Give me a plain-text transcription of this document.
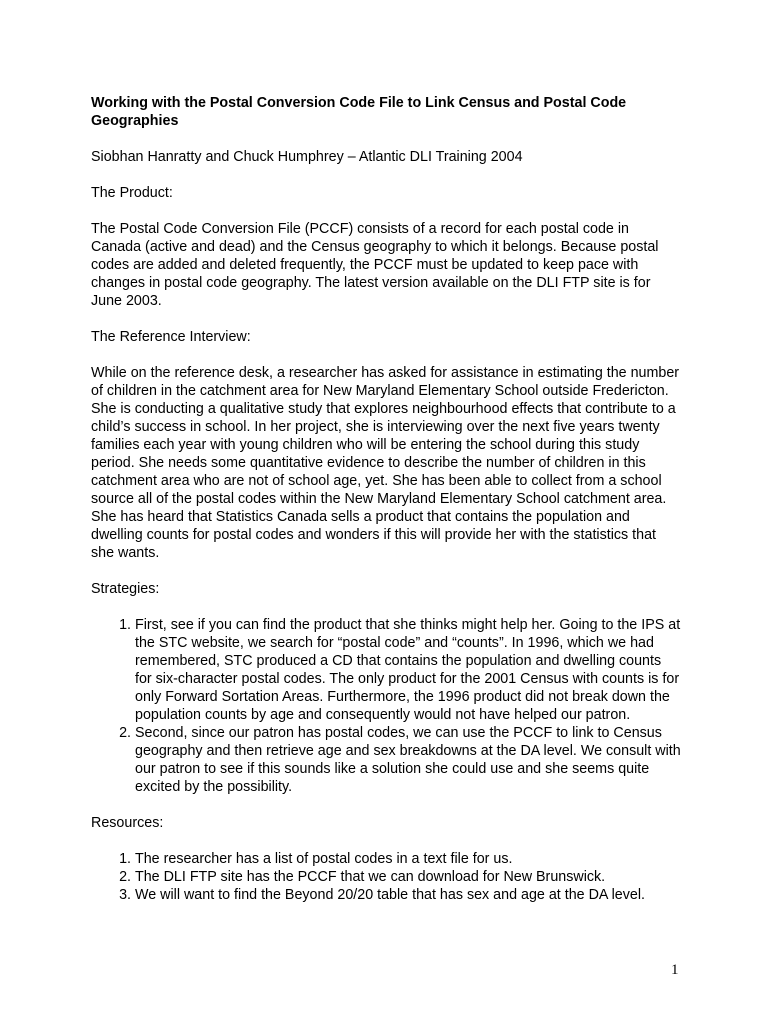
Working with the Postal Conversion Code File to Link Census and Postal Code Geographies

Siobhan Hanratty and Chuck Humphrey – Atlantic DLI Training 2004

The Product:

The Postal Code Conversion File (PCCF) consists of a record for each postal code in Canada (active and dead) and the Census geography to which it belongs. Because postal codes are added and deleted frequently, the PCCF must be updated to keep pace with changes in postal code geography. The latest version available on the DLI FTP site is for June 2003.

The Reference Interview:

While on the reference desk, a researcher has asked for assistance in estimating the number of children in the catchment area for New Maryland Elementary School outside Fredericton. She is conducting a qualitative study that explores neighbourhood effects that contribute to a child’s success in school. In her project, she is interviewing over the next five years twenty families each year with young children who will be entering the school during this study period. She needs some quantitative evidence to describe the number of children in this catchment area who are not of school age, yet. She has been able to collect from a school source all of the postal codes within the New Maryland Elementary School catchment area. She has heard that Statistics Canada sells a product that contains the population and dwelling counts for postal codes and wonders if this will provide her with the statistics that she wants.

Strategies:

1. First, see if you can find the product that she thinks might help her. Going to the IPS at the STC website, we search for “postal code” and “counts”. In 1996, which we had remembered, STC produced a CD that contains the population and dwelling counts for six-character postal codes. The only product for the 2001 Census with counts is for only Forward Sortation Areas. Furthermore, the 1996 product did not break down the population counts by age and consequently would not have helped our patron.
2. Second, since our patron has postal codes, we can use the PCCF to link to Census geography and then retrieve age and sex breakdowns at the DA level. We consult with our patron to see if this sounds like a solution she could use and she seems quite excited by the possibility.

Resources:

1. The researcher has a list of postal codes in a text file for us.
2. The DLI FTP site has the PCCF that we can download for New Brunswick.
3. We will want to find the Beyond 20/20 table that has sex and age at the DA level.
1
